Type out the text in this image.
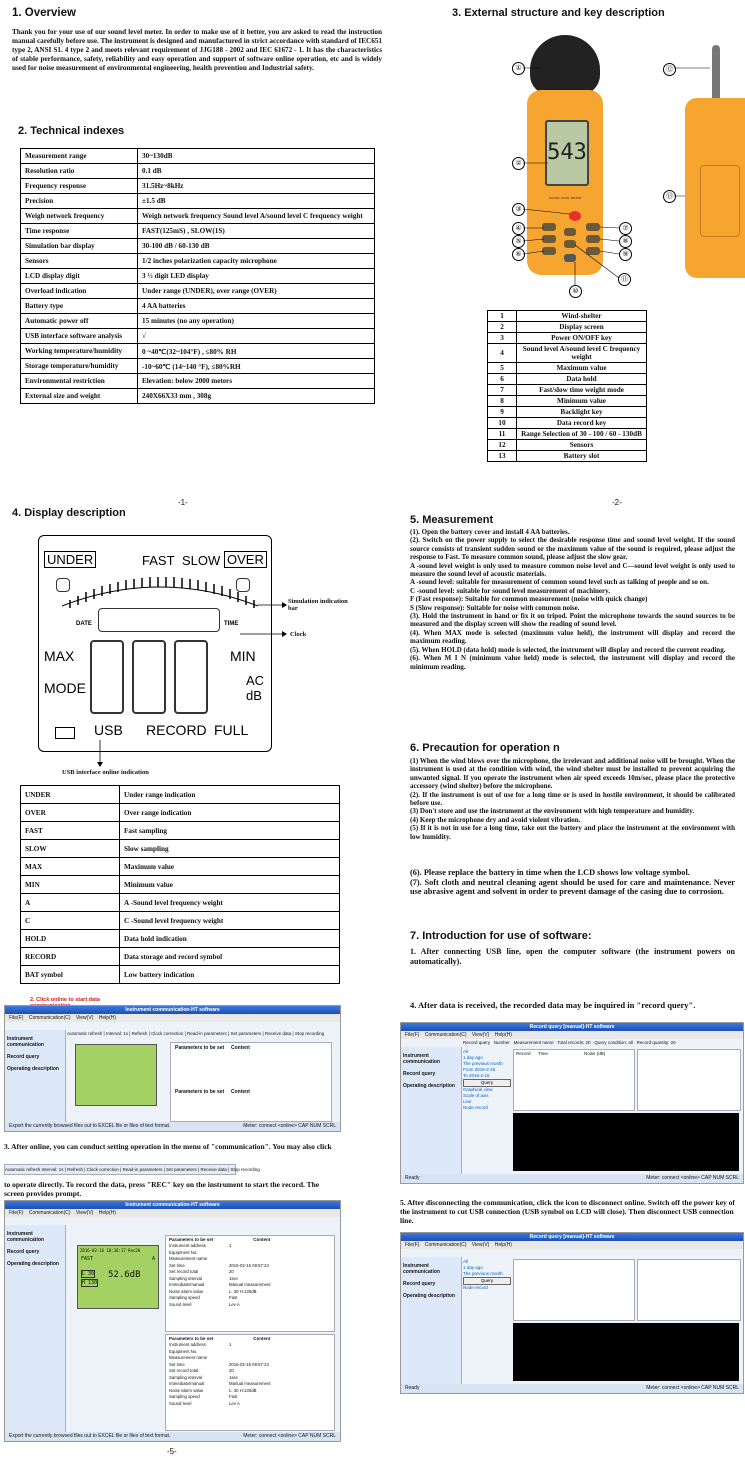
1. Overview

Thank you for your use of our sound level meter. In order to make use of it better, you are asked to read the instruction manual carefully before use. The instrument is designed and manufactured in strict accordance with standard of IEC651 type 2, ANSI S1. 4 type 2 and meets relevant requirement of JJG188 - 2002 and IEC 61672 - 1. It has the characteristics of stable performance, safety, reliability and easy operation and support of software online operation, etc and is widely used for noise measurement of environmental engineering, health prevention and Industrial safety.

2. Technical indexes
Measurement range	30~130dB
Resolution ratio	0.1 dB
Frequency response	31.5Hz~8kHz
Precision	±1.5 dB
Weigh network frequency	Weigh network frequency Sound level A/sound level C frequency weight
Time response	FAST(125mS) , SLOW(1S)
Simulation bar display	30-100 dB / 60-130 dB
Sensors	1/2 inches polarization capacity microphone
LCD display digit	3 ½ digit LED display
Overload indication	Under range (UNDER), over range (OVER)
Battery type	4 AA batteries
Automatic power off	15 minutes (no any operation)
USB interface software analysis	√
Working temperature/humidity	0 ~40℃(32~104°F) , ≤80% RH
Storage temperature/humidity	-10~60℃ (14~140 °F), ≤80%RH
Environmental restriction	Elevation: below 2000 meters
External size and weight	240X66X33 mm , 308g
-1-
3. External structure and key description
543
SOUND LEVEL METER
①
②
③
④
⑤
⑥
⑦
⑧
⑨
⑩
⑪
⑫
⑬
1	Wind-shelter
2	Display screen
3	Power ON/OFF key
4	Sound level A/sound level C frequency weight
5	Maximum value
6	Data hold
7	Fast/slow time weight mode
8	Minimum value
9	Backlight key
10	Data record key
11	Range Selection of 30 - 100 / 60 - 130dB
12	Sensors
13	Battery slot
-2-
4. Display description
UNDER	FAST SLOW OVER
DATE	TIME
MAX
MODE
MIN
AC
dB
USB RECORD FULL
Simulation indication bar
Clock
USB interface online indication
UNDER	Under range indication
OVER	Over range indication
FAST	Fast sampling
SLOW	Slow sampling
MAX	Maximum value
MIN	Minimum value
A	A -Sound level frequency weight
C	C -Sound level frequency weight
HOLD	Data hold indication
RECORD	Data storage and record symbol
BAT symbol	Low battery indication
5. Measurement

(1). Open the battery cover and install 4 AA batteries.

(2). Switch on the power supply to select the desirable response time and sound level weight. If the sound source consists of transient sudden sound or the maximum value of the sound is required, please adjust the response to Fast. To measure common sound, please adjust the slow gear.

A -sound level weight is only used to measure common noise level and C—sound level weight is only used to measure the sound level of acoustic materials.

A -sound level: suitable for measurement of common sound level such as talking of people and so on.

C -sound level: suitable for sound level measurement of machinery.

F (Fast response): Suitable for common measurement (noise with quick change)

S (Slow response): Suitable for noise with common noise.

(3). Hold the instrument in hand or fix it on tripod. Point the microphone towards the sound sources to be measured and the display screen will show the reading of sound level.

(4). When MAX mode is selected (maximum value held), the instrument will display and record the maximum reading.

(5). When HOLD (data hold) mode is selected, the instrument will display and record the current reading.

(6). When M I N (minimum value held) mode is selected, the instrument will display and record the minimum reading.

6. Precaution for operation n

(1) When the wind blows over the microphone, the irrelevant and additional noise will be brought. When the instrument is used at the condition with wind, the wind shelter must be installed to prevent acquiring the unwanted signal. If you operate the instrument when air speed exceeds 10m/sec, please place the protective accessory (wind shelter) before the microphone.

(2). If the instrument is out of use for a long time or is used in hostile environment, it should be calibrated before use.

(3) Don't store and use the instrument at the environment with high temperature and humidity.

(4) Keep the microphone dry and avoid violent vibration.

(5) If it is not in use for a long time, take out the battery and place the instrument at the environment with low humidity.

(6). Please replace the battery in time when the LCD shows low voltage symbol.

(7). Soft cloth and neutral cleaning agent should be used for care and maintenance. Never use abrasive agent and solvent in order to prevent damage of the casing due to corrosion.

7. Introduction for use of software:

1. After connecting USB line, open the computer software (the instrument powers on automatically).

2. Click online to start data
Instrument communication-HT software
File(F) Communication(C) View(V) Help(H)
Instrument communication
Record query
Operating description
Automatic refresh | Interval: 1s | Refresh | Clock correction | Read-in parameters | Set parameters | Receive data | Stop recording
Parameters to be set Content
Parameters to be set Content
Export the currently browsed files out to EXCEL file or files of text format.	Meter: connect <online> CAP NUM SCRL

3. After online, you can conduct setting operation in the menu of "communication". You may also click

Automatic refresh Interval: 1s | Refresh | Clock correction | Read-in parameters | Set parameters | Receive data | Stop recording

to operate directly. To record the data, press "REC" key on the instrument to start the record. The screen provides prompt.

Instrument communication-HT software
File(F) Communication(C) View(V) Help(H)
Instrument communication
Record query
Operating description
2016-02-16 10:36:17 Rec20
FAST	A
L 30
H 130
52.6dB
Parameters to be set	Content
Instrument address	1
Equipment No.
Measurement name
Set time	2016-02-16 09:57:24
Set record total	20
Sampling interval	1sec
Immediate/manual	Manual measurement
Noise alarm value	L: 30 H:130dB
Sampling speed	Fast
Sound level	Lev A
Parameters to be set	Content
Instrument address	1
Equipment No.
Measurement name
Set time	2016-02-16 09:57:24
Set record total	20
Sampling interval	1sec
Immediate/manual	Manual measurement
Noise alarm value	L: 30 H:130dB
Sampling speed	Fast
Sound level	Lev A
Export the currently browsed files out to EXCEL file or files of text format.	Meter: connect <online> CAP NUM SCRL
-5-

4. After data is received, the recorded data may be inquired in "record query".

Record query [manual]-HT software
File(F) Communication(C) View(V) Help(H)
Instrument communication
Record query
Operating description
Record query Number Measurement name Total records: 20 Query condition: all Record quantity: 20
All
1 day ago
The previous month
From 2016-2-15
To 2016-2-16
Query
Graphical view
Scale of axis
Line
Node record
Record Time	Noise (dB)
Ready	Meter: connect <online> CAP NUM SCRL

5. After disconnecting the communication, click the icon to disconnect online. Switch off the power key of the instrument to cut USB connection (USB symbol on LCD will close). Then disconnect USB connection line.

Record query [manual]-HT software
File(F) Communication(C) View(V) Help(H)
Instrument communication
Record query
Operating description
All
1 day ago
The previous month
Query
Node record
Ready	Meter: connect <online> CAP NUM SCRL
